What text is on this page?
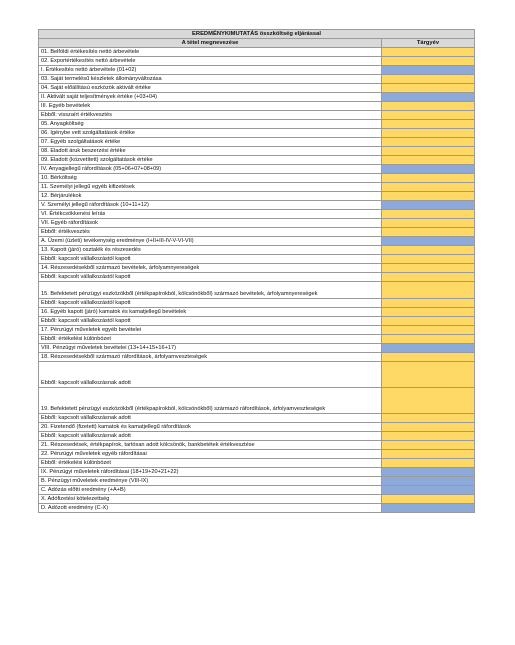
EREDMÉNYKIMUTATÁS összköltség eljárással	
A tétel megnevezése	Tárgyév
01. Belföldi értékesítés nettó árbevétele	
02. Exportértékesítés nettó árbevétele	
I. Értékesítés nettó árbevétele (01+02)	
03. Saját termelésű készletek állományváltozása	
04. Saját előállítású eszközök aktivált értéke	
II. Aktivált saját teljesítmények értéke (+03+04)	
III. Egyéb bevételek	
Ebből: visszaírt értékvesztés	
05. Anyagköltség	
06. Igénybe vett szolgáltatások értéke	
07. Egyéb szolgáltatások értéke	
08. Eladott áruk beszerzési értéke	
09. Eladott (közvetített) szolgáltatások értéke	
IV. Anyagjellegű ráfordítások (05+06+07+08+09)	
10. Bérköltség	
11. Személyi jellegű egyéb kifizetések	
12. Bérjárulékok	
V. Személyi jellegű ráfordítások (10+11+12)	
VI. Értékcsökkenési leírás	
VII. Egyéb ráfordítások	
Ebből: értékvesztés	
A. Üzemi (üzleti) tevékenység eredménye (I+II+III-IV-V-VI-VII)	
13. Kapott (járó) osztalék és részesedés	
Ebből: kapcsolt vállalkozástól kapott	
14. Részesedésekből származó bevételek, árfolyamnyereségek	
Ebből: kapcsolt vállalkozástól kapott	
15. Befektetett pénzügyi eszközökből (értékpapírokból, kölcsönökből) származó bevételek, árfolyamnyereségek	
Ebből: kapcsolt vállalkozástól kapott	
16. Egyéb kapott (járó) kamatok és kamatjellegű bevételek	
Ebből: kapcsolt vállalkozástól kapott	
17. Pénzügyi műveletek egyéb bevételei	
Ebből: értékelési különbözet	
VIII. Pénzügyi műveletek bevételei (13+14+15+16+17)	
18. Részesedésekből származó ráfordítások, árfolyamveszteségek	
Ebből: kapcsolt vállalkozásnak adott	
19. Befektetett pénzügyi eszközökből (értékpapírokból, kölcsönökből) származó ráfordítások, árfolyamveszteségek	
Ebből: kapcsolt vállalkozásnak adott	
20. Fizetendő (fizetett) kamatok és kamatjellegű ráfordítások	
Ebből: kapcsolt vállalkozásnak adott	
21. Részesedések, értékpapírok, tartósan adott kölcsönök, bankbetétek értékvesztése	
22. Pénzügyi műveletek egyéb ráfordításai	
Ebből: értékelési különbözet	
IX. Pénzügyi műveletek ráfordításai (18+19+20+21+22)	
B. Pénzügyi műveletek eredménye (VIII-IX)	
C. Adózás előtti eredmény (+A+B)	
X. Adófizetési kötelezettség	
D. Adózott eredmény (C-X)	
